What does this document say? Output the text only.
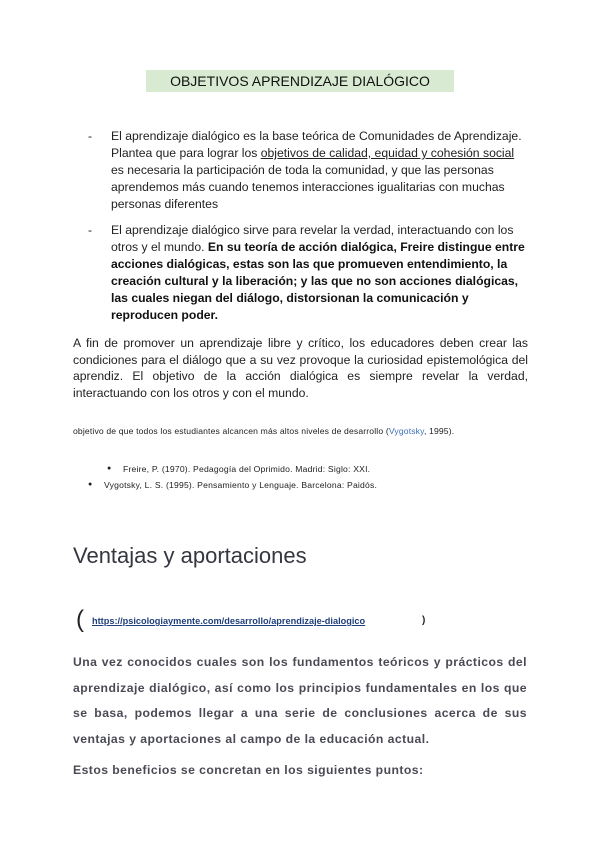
OBJETIVOS APRENDIZAJE DIALÓGICO
- El aprendizaje dialógico es la base teórica de Comunidades de Aprendizaje. Plantea que para lograr los objetivos de calidad, equidad y cohesión social es necesaria la participación de toda la comunidad, y que las personas aprendemos más cuando tenemos interacciones igualitarias con muchas personas diferentes
- El aprendizaje dialógico sirve para revelar la verdad, interactuando con los otros y el mundo. En su teoría de acción dialógica, Freire distingue entre acciones dialógicas, estas son las que promueven entendimiento, la creación cultural y la liberación; y las que no son acciones dialógicas, las cuales niegan del diálogo, distorsionan la comunicación y reproducen poder.
A fin de promover un aprendizaje libre y crítico, los educadores deben crear las condiciones para el diálogo que a su vez provoque la curiosidad epistemológica del aprendiz. El objetivo de la acción dialógica es siempre revelar la verdad, interactuando con los otros y con el mundo.
objetivo de que todos los estudiantes alcancen más altos niveles de desarrollo (Vygotsky, 1995).
● Freire, P. (1970). Pedagogía del Oprimido. Madrid: Siglo: XXI.
● Vygotsky, L. S. (1995). Pensamiento y Lenguaje. Barcelona: Paidós.
Ventajas y aportaciones
( https://psicologiaymente.com/desarrollo/aprendizaje-dialogico	)
Una vez conocidos cuales son los fundamentos teóricos y prácticos del aprendizaje dialógico, así como los principios fundamentales en los que se basa, podemos llegar a una serie de conclusiones acerca de sus ventajas y aportaciones al campo de la educación actual.
Estos beneficios se concretan en los siguientes puntos:
